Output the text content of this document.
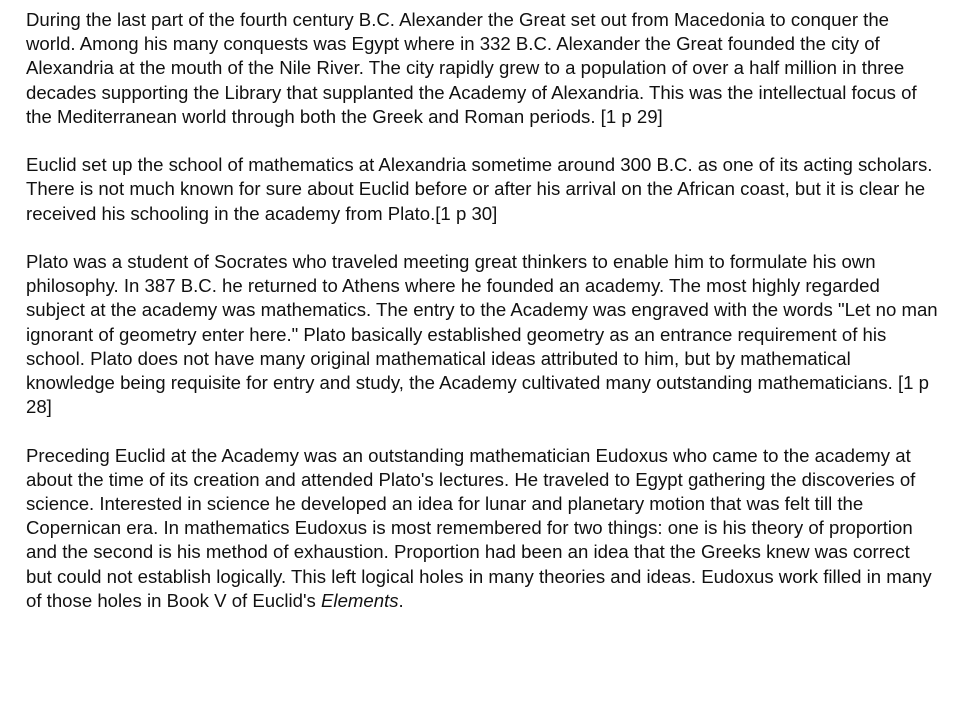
During the last part of the fourth century B.C. Alexander the Great set out from Macedonia to conquer the world. Among his many conquests was Egypt where in 332 B.C. Alexander the Great founded the city of Alexandria at the mouth of the Nile River. The city rapidly grew to a population of over a half million in three decades supporting the Library that supplanted the Academy of Alexandria. This was the intellectual focus of the Mediterranean world through both the Greek and Roman periods. [1 p 29]

Euclid set up the school of mathematics at Alexandria sometime around 300 B.C. as one of its acting scholars. There is not much known for sure about Euclid before or after his arrival on the African coast, but it is clear he received his schooling in the academy from Plato.[1 p 30]

Plato was a student of Socrates who traveled meeting great thinkers to enable him to formulate his own philosophy. In 387 B.C. he returned to Athens where he founded an academy. The most highly regarded subject at the academy was mathematics. The entry to the Academy was engraved with the words "Let no man ignorant of geometry enter here." Plato basically established geometry as an entrance requirement of his school. Plato does not have many original mathematical ideas attributed to him, but by mathematical knowledge being requisite for entry and study, the Academy cultivated many outstanding mathematicians. [1 p 28]

Preceding Euclid at the Academy was an outstanding mathematician Eudoxus who came to the academy at about the time of its creation and attended Plato's lectures. He traveled to Egypt gathering the discoveries of science. Interested in science he developed an idea for lunar and planetary motion that was felt till the Copernican era. In mathematics Eudoxus is most remembered for two things: one is his theory of proportion and the second is his method of exhaustion. Proportion had been an idea that the Greeks knew was correct but could not establish logically. This left logical holes in many theories and ideas. Eudoxus work filled in many of those holes in Book V of Euclid's Elements.
